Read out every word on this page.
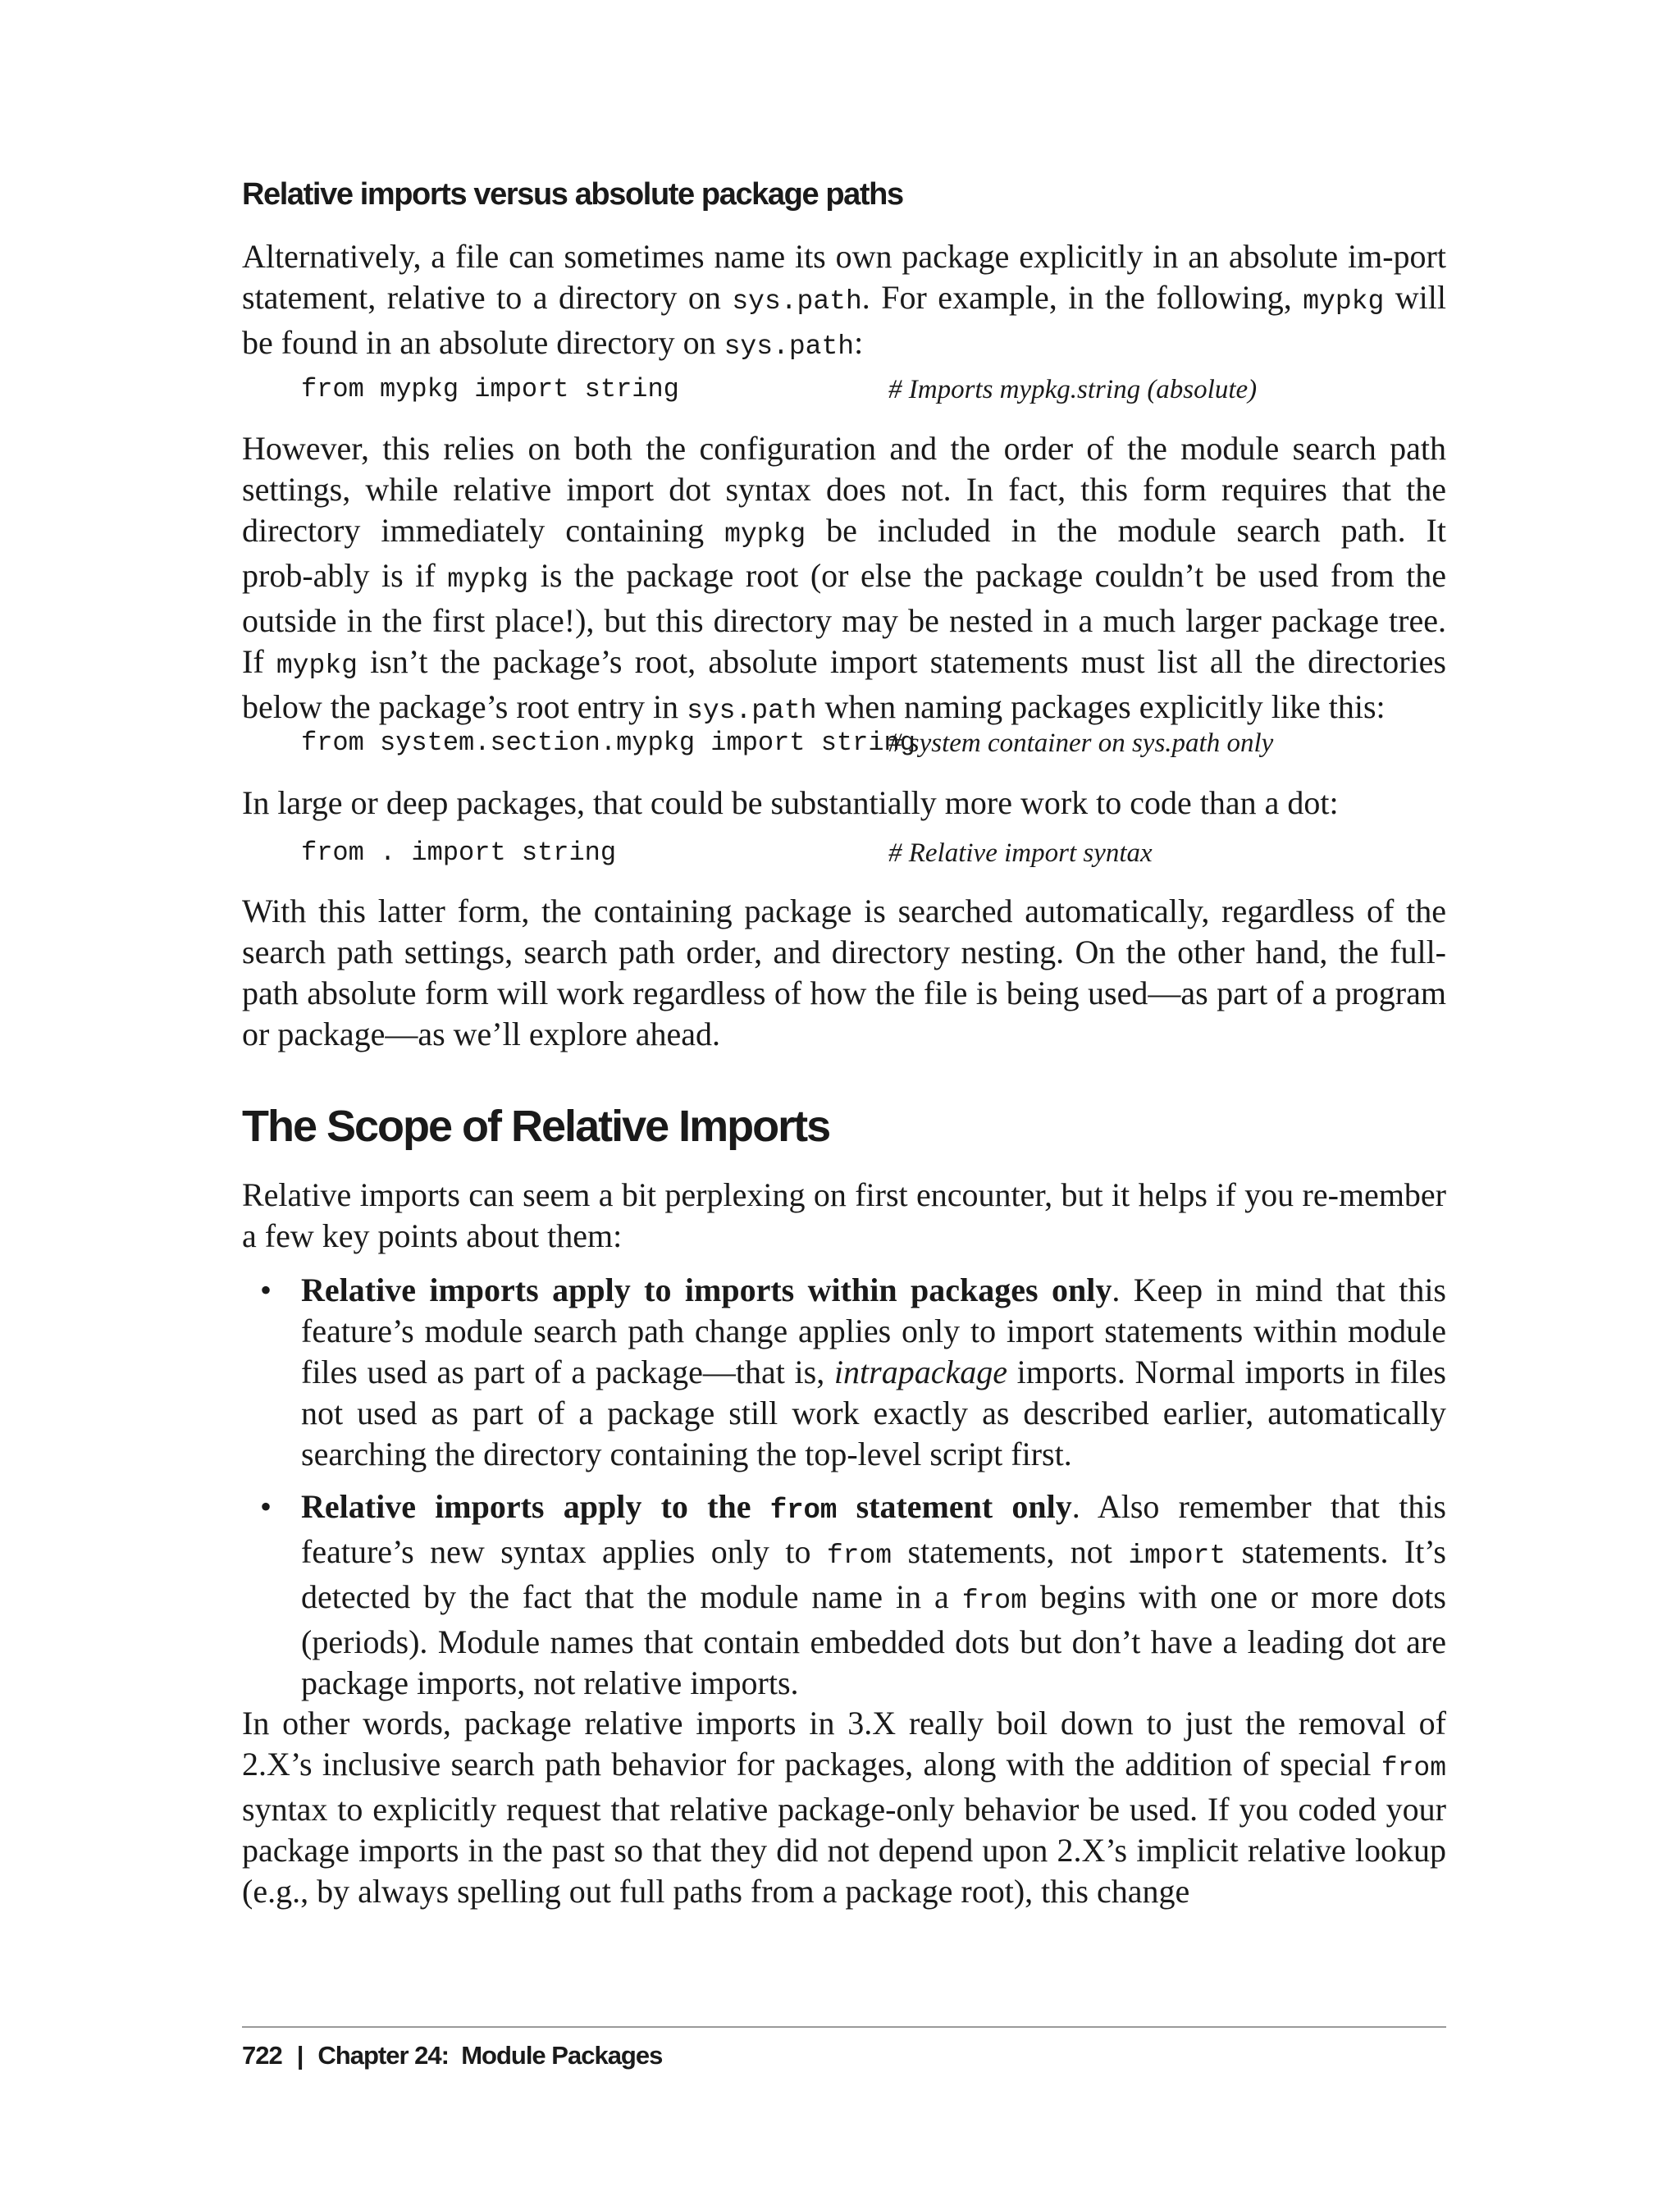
Relative imports versus absolute package paths

Alternatively, a file can sometimes name its own package explicitly in an absolute im‑port statement, relative to a directory on sys.path. For example, in the following, mypkg will be found in an absolute directory on sys.path:

from mypkg import string	# Imports mypkg.string (absolute)

However, this relies on both the configuration and the order of the module search path settings, while relative import dot syntax does not. In fact, this form requires that the directory immediately containing mypkg be included in the module search path. It prob‑ably is if mypkg is the package root (or else the package couldn’t be used from the outside in the first place!), but this directory may be nested in a much larger package tree. If mypkg isn’t the package’s root, absolute import statements must list all the directories below the package’s root entry in sys.path when naming packages explicitly like this:

from system.section.mypkg import string
# system container on sys.path only

In large or deep packages, that could be substantially more work to code than a dot:

from . import string	# Relative import syntax

With this latter form, the containing package is searched automatically, regardless of the search path settings, search path order, and directory nesting. On the other hand, the full-path absolute form will work regardless of how the file is being used—as part of a program or package—as we’ll explore ahead.

The Scope of Relative Imports

Relative imports can seem a bit perplexing on first encounter, but it helps if you re‑member a few key points about them:

• Relative imports apply to imports within packages only. Keep in mind that this feature’s module search path change applies only to import statements within module files used as part of a package—that is, intrapackage imports. Normal imports in files not used as part of a package still work exactly as described earlier, automatically searching the directory containing the top-level script first.
• Relative imports apply to the from statement only. Also remember that this feature’s new syntax applies only to from statements, not import statements. It’s detected by the fact that the module name in a from begins with one or more dots (periods). Module names that contain embedded dots but don’t have a leading dot are package imports, not relative imports.

In other words, package relative imports in 3.X really boil down to just the removal of 2.X’s inclusive search path behavior for packages, along with the addition of special from syntax to explicitly request that relative package-only behavior be used. If you coded your package imports in the past so that they did not depend upon 2.X’s implicit relative lookup (e.g., by always spelling out full paths from a package root), this change

722 | Chapter 24:  Module Packages
